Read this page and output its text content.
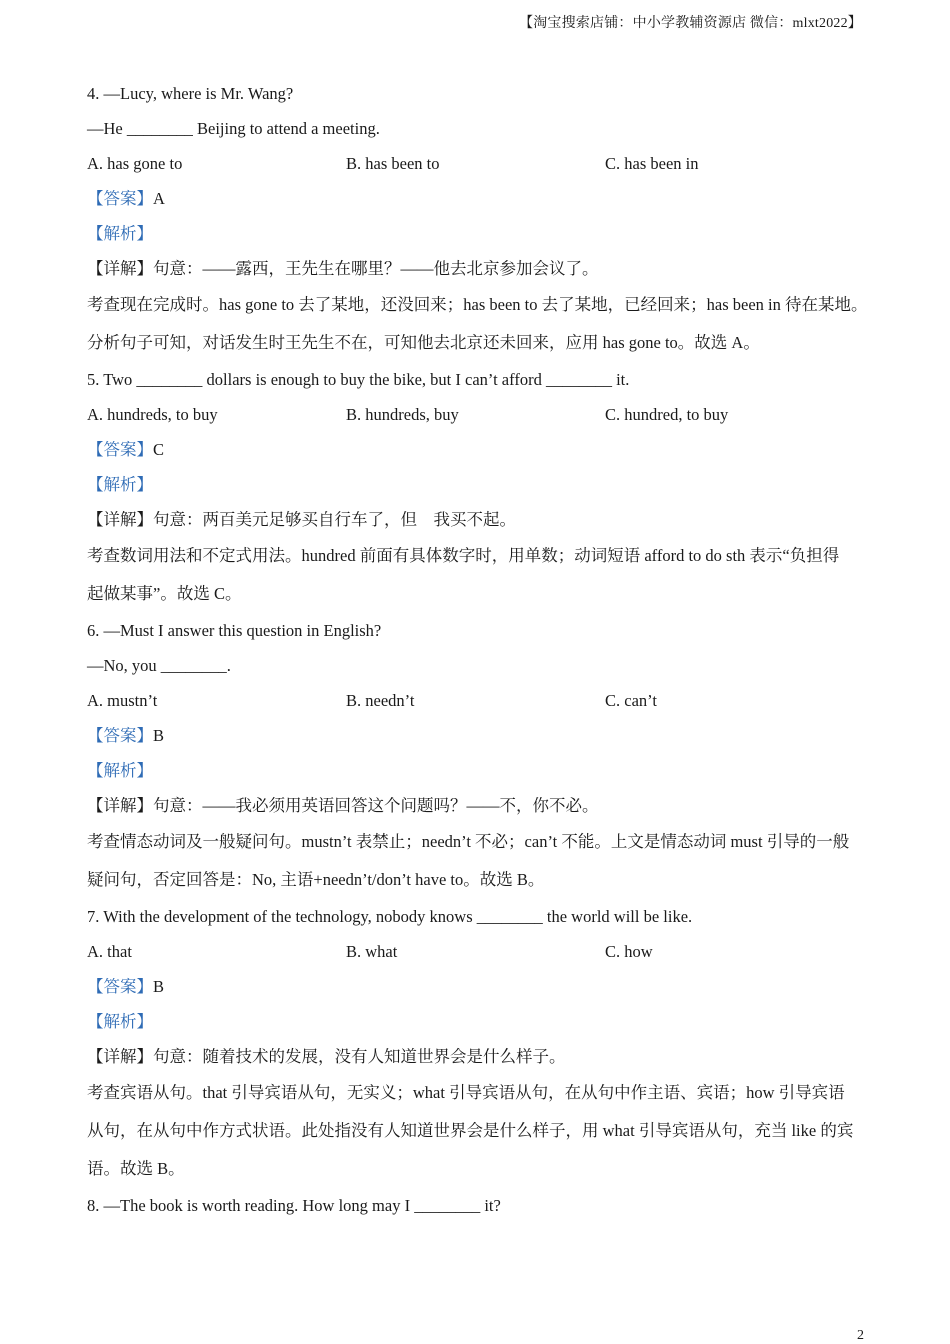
【淘宝搜索店铺：中小学教辅资源店 微信：mlxt2022】
4. —Lucy, where is Mr. Wang?
—He ________ Beijing to attend a meeting.
A. has gone to	B. has been to	C. has been in
【答案】A
【解析】
【详解】句意：——露西，王先生在哪里？——他去北京参加会议了。
考查现在完成时。has gone to 去了某地，还没回来；has been to 去了某地，已经回来；has been in 待在某地。
分析句子可知，对话发生时王先生不在，可知他去北京还未回来，应用 has gone to。故选 A。
5. Two ________ dollars is enough to buy the bike, but I can’t afford ________ it.
A. hundreds, to buy	B. hundreds, buy	C. hundred, to buy
【答案】C
【解析】
【详解】句意：两百美元足够买自行车了，但　我买不起。
考查数词用法和不定式用法。hundred 前面有具体数字时，用单数；动词短语 afford to do sth 表示“负担得
起做某事”。故选 C。
6. —Must I answer this question in English?
—No, you ________.
A. mustn’t	B. needn’t	C. can’t
【答案】B
【解析】
【详解】句意：——我必须用英语回答这个问题吗？——不，你不必。
考查情态动词及一般疑问句。mustn’t 表禁止；needn’t 不必；can’t 不能。上文是情态动词 must 引导的一般
疑问句，否定回答是：No, 主语+needn’t/don’t have to。故选 B。
7. With the development of the technology, nobody knows ________ the world will be like.
A. that	B. what	C. how
【答案】B
【解析】
【详解】句意：随着技术的发展，没有人知道世界会是什么样子。
考查宾语从句。that 引导宾语从句，无实义；what 引导宾语从句，在从句中作主语、宾语；how 引导宾语
从句，在从句中作方式状语。此处指没有人知道世界会是什么样子，用 what 引导宾语从句，充当 like 的宾
语。故选 B。
8. —The book is worth reading. How long may I ________ it?
2
